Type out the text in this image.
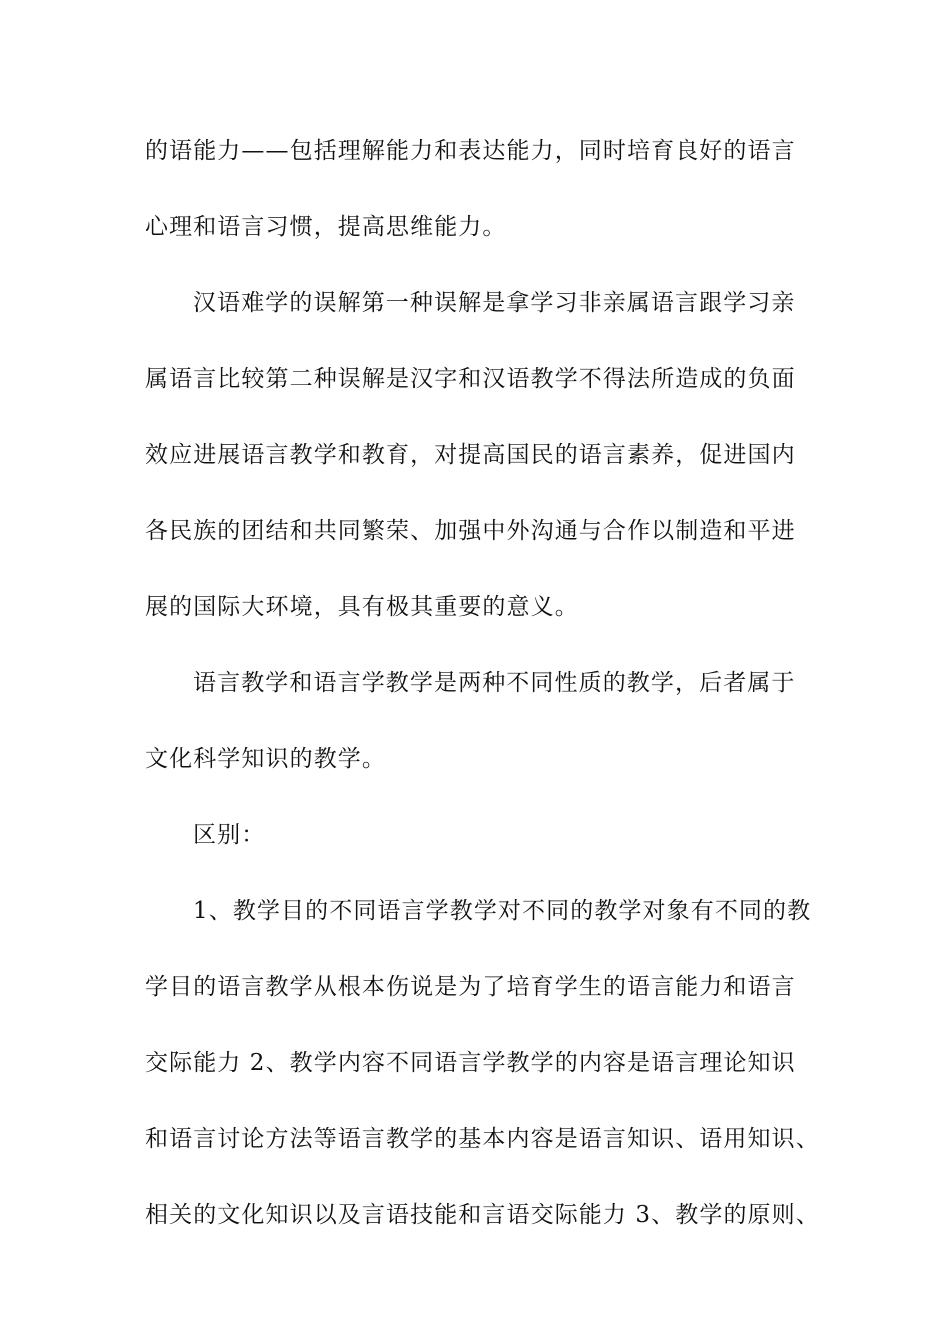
的语能力——包括理解能力和表达能力，同时培育良好的语言
心理和语言习惯，提高思维能力。
汉语难学的误解第一种误解是拿学习非亲属语言跟学习亲
属语言比较第二种误解是汉字和汉语教学不得法所造成的负面
效应进展语言教学和教育，对提高国民的语言素养，促进国内
各民族的团结和共同繁荣、加强中外沟通与合作以制造和平进
展的国际大环境，具有极其重要的意义。
语言教学和语言学教学是两种不同性质的教学，后者属于
文化科学知识的教学。
区别：
1、教学目的不同语言学教学对不同的教学对象有不同的教
学目的语言教学从根本伤说是为了培育学生的语言能力和语言
交际能力 2、教学内容不同语言学教学的内容是语言理论知识
和语言讨论方法等语言教学的基本内容是语言知识、语用知识、
相关的文化知识以及言语技能和言语交际能力 3、教学的原则、
